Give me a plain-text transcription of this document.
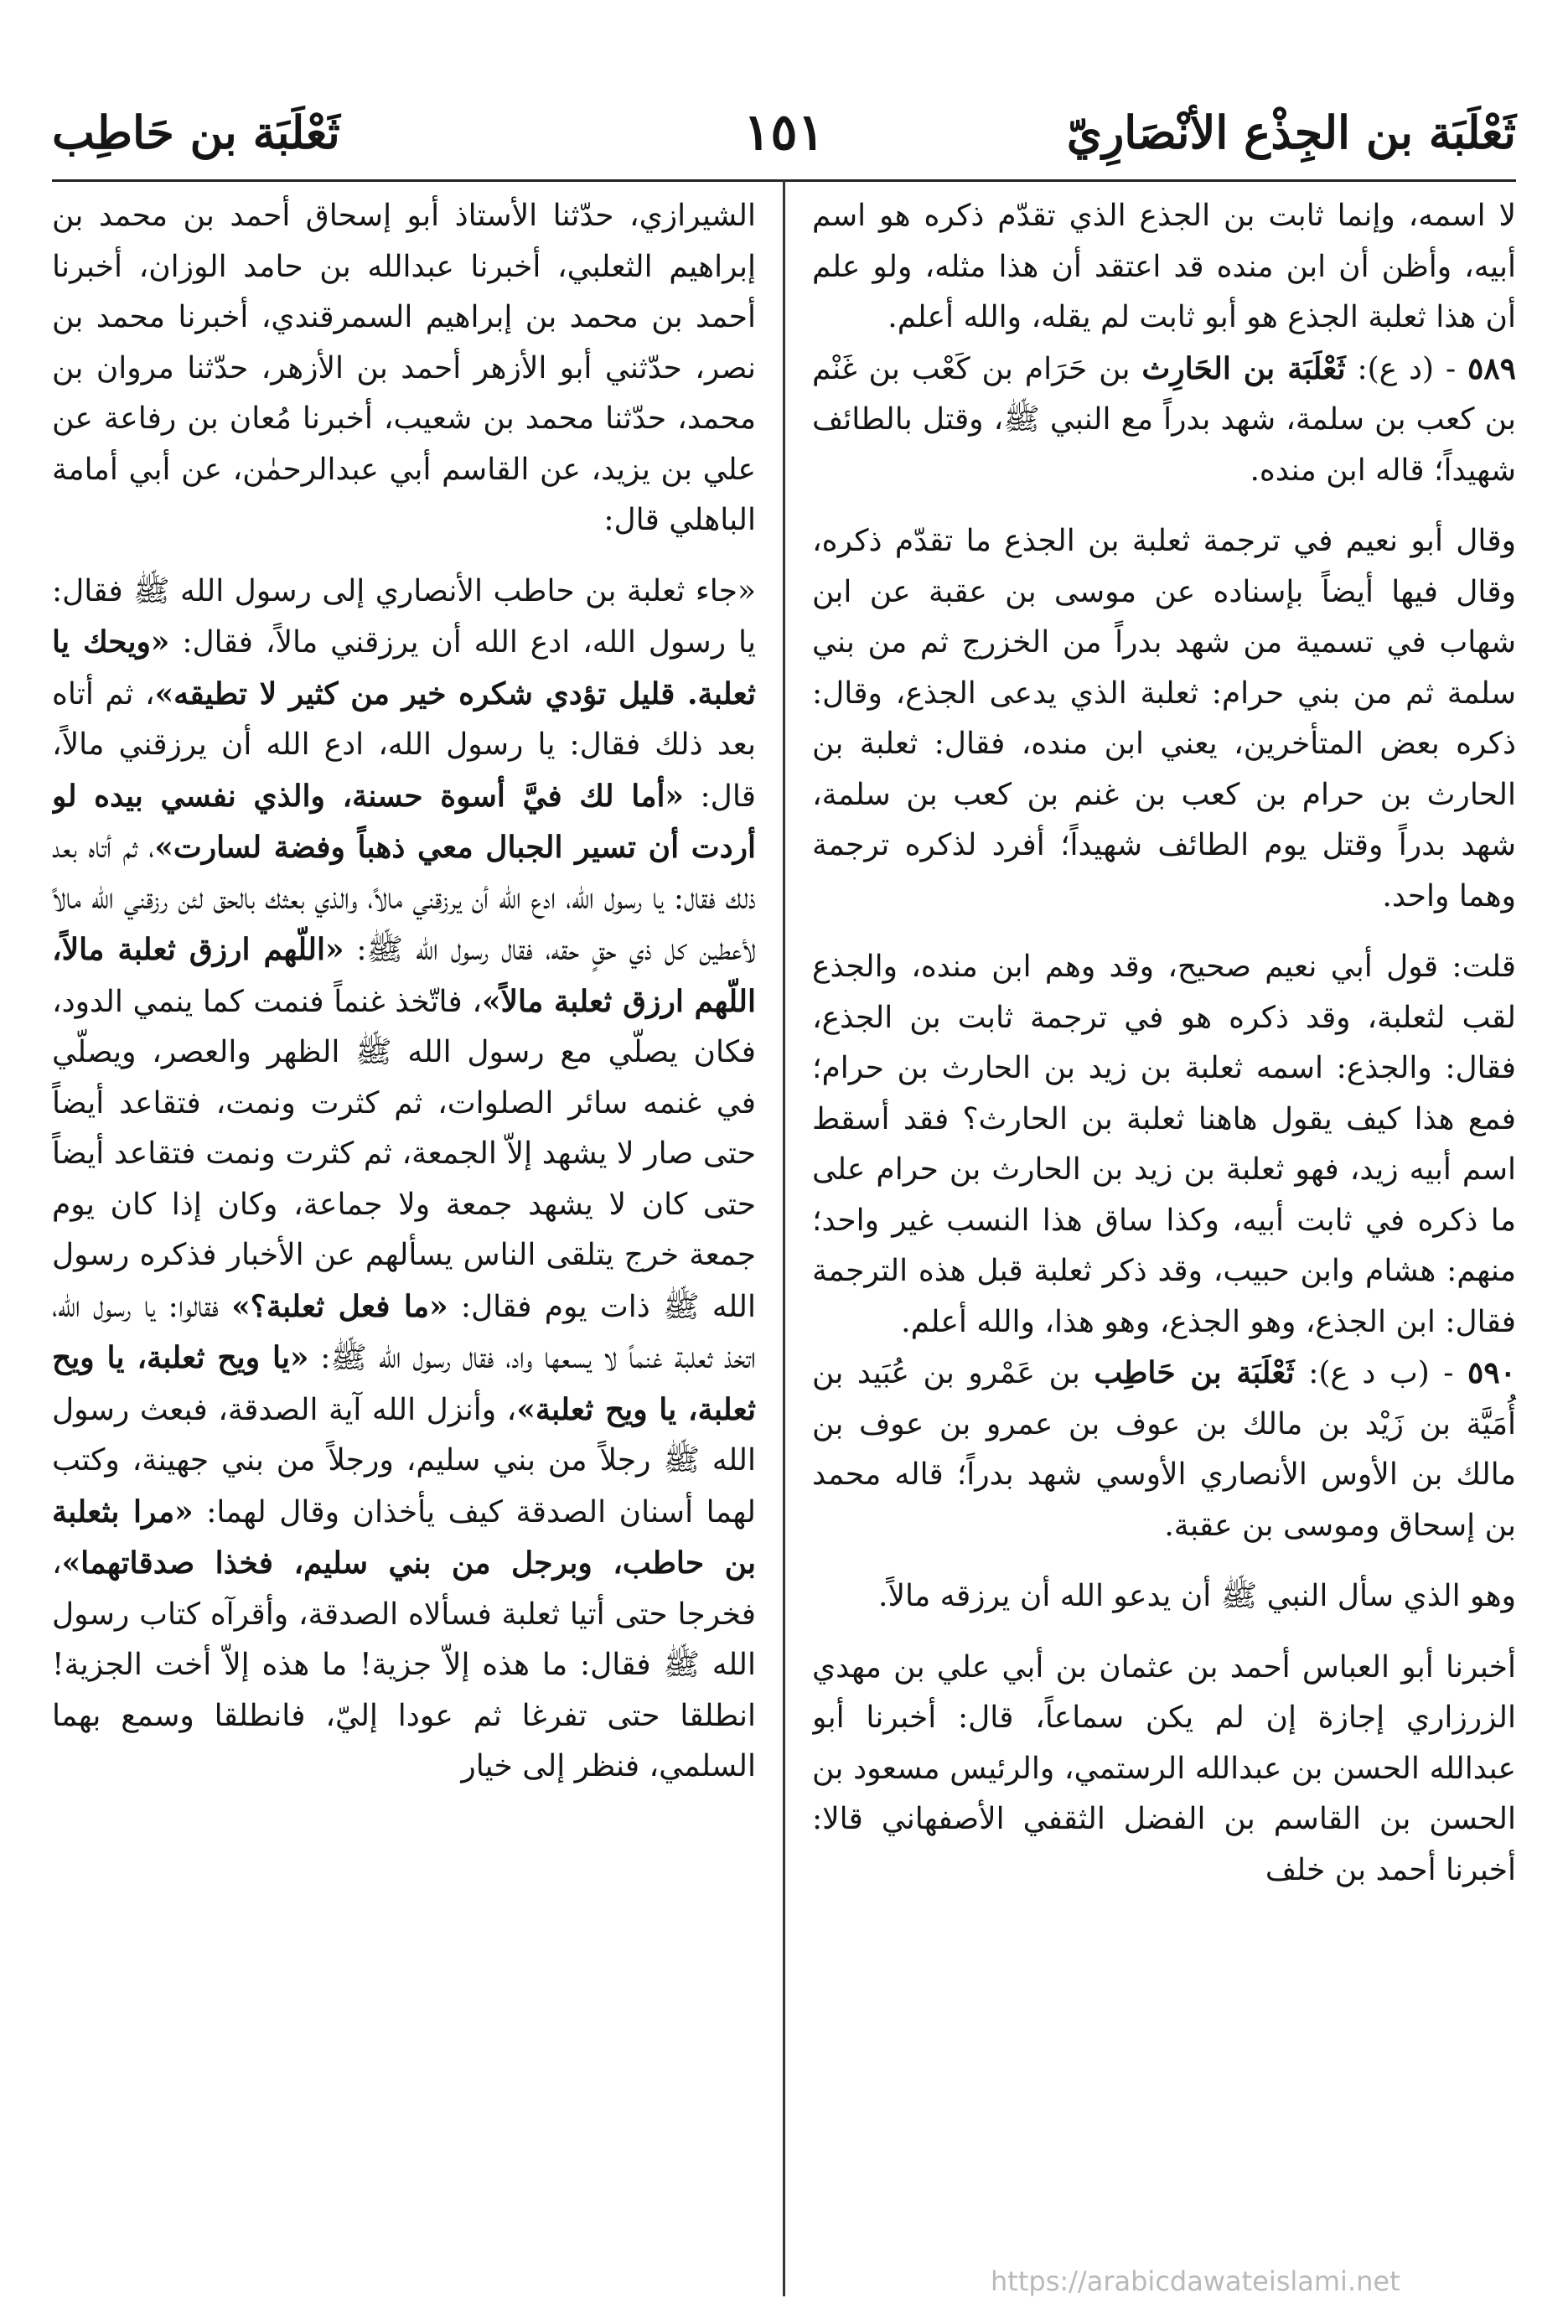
ثَعْلَبَة بن الجِذْع الأنْصَارِيّ
١٥١
ثَعْلَبَة بن حَاطِب

لا اسمه، وإنما ثابت بن الجذع الذي تقدّم ذكره هو اسم أبيه، وأظن أن ابن منده قد اعتقد أن هذا مثله، ولو علم أن هذا ثعلبة الجذع هو أبو ثابت لم يقله، والله أعلم.

٥٨٩ - (د ع): ثَعْلَبَة بن الحَارِث بن حَرَام بن كَعْب بن غَنْم بن كعب بن سلمة، شهد بدراً مع النبي ﷺ، وقتل بالطائف شهيداً؛ قاله ابن منده.

وقال أبو نعيم في ترجمة ثعلبة بن الجذع ما تقدّم ذكره، وقال فيها أيضاً بإسناده عن موسى بن عقبة عن ابن شهاب في تسمية من شهد بدراً من الخزرج ثم من بني سلمة ثم من بني حرام: ثعلبة الذي يدعى الجذع، وقال: ذكره بعض المتأخرين، يعني ابن منده، فقال: ثعلبة بن الحارث بن حرام بن كعب بن غنم بن كعب بن سلمة، شهد بدراً وقتل يوم الطائف شهيداً؛ أفرد لذكره ترجمة وهما واحد.

قلت: قول أبي نعيم صحيح، وقد وهم ابن منده، والجذع لقب لثعلبة، وقد ذكره هو في ترجمة ثابت بن الجذع، فقال: والجذع: اسمه ثعلبة بن زيد بن الحارث بن حرام؛ فمع هذا كيف يقول هاهنا ثعلبة بن الحارث؟ فقد أسقط اسم أبيه زيد، فهو ثعلبة بن زيد بن الحارث بن حرام على ما ذكره في ثابت أبيه، وكذا ساق هذا النسب غير واحد؛ منهم: هشام وابن حبيب، وقد ذكر ثعلبة قبل هذه الترجمة فقال: ابن الجذع، وهو الجذع، وهو هذا، والله أعلم.

٥٩٠ - (ب د ع): ثَعْلَبَة بن حَاطِب بن عَمْرو بن عُبَيد بن أُمَيَّة بن زَيْد بن مالك بن عوف بن عمرو بن عوف بن مالك بن الأوس الأنصاري الأوسي شهد بدراً؛ قاله محمد بن إسحاق وموسى بن عقبة.

وهو الذي سأل النبي ﷺ أن يدعو الله أن يرزقه مالاً.

أخبرنا أبو العباس أحمد بن عثمان بن أبي علي بن مهدي الزرزاري إجازة إن لم يكن سماعاً، قال: أخبرنا أبو عبدالله الحسن بن عبدالله الرستمي، والرئيس مسعود بن الحسن بن القاسم بن الفضل الثقفي الأصفهاني قالا: أخبرنا أحمد بن خلف

الشيرازي، حدّثنا الأستاذ أبو إسحاق أحمد بن محمد بن إبراهيم الثعلبي، أخبرنا عبدالله بن حامد الوزان، أخبرنا أحمد بن محمد بن إبراهيم السمرقندي، أخبرنا محمد بن نصر، حدّثني أبو الأزهر أحمد بن الأزهر، حدّثنا مروان بن محمد، حدّثنا محمد بن شعيب، أخبرنا مُعان بن رفاعة عن علي بن يزيد، عن القاسم أبي عبدالرحمٰن، عن أبي أمامة الباهلي قال:

«جاء ثعلبة بن حاطب الأنصاري إلى رسول الله ﷺ فقال: يا رسول الله، ادع الله أن يرزقني مالاً، فقال: «ويحك يا ثعلبة. قليل تؤدي شكره خير من كثير لا تطيقه»، ثم أتاه بعد ذلك فقال: يا رسول الله، ادع الله أن يرزقني مالاً، قال: «أما لك فيَّ أسوة حسنة، والذي نفسي بيده لو أردت أن تسير الجبال معي ذهباً وفضة لسارت»، ثم أتاه بعد ذلك فقال: يا رسول الله، ادع الله أن يرزقني مالاً، والذي بعثك بالحق لئن رزقني الله مالاً لأعطين كل ذي حقٍ حقه، فقال رسول الله ﷺ: «اللّهم ارزق ثعلبة مالاً، اللّهم ارزق ثعلبة مالاً»، فاتّخذ غنماً فنمت كما ينمي الدود، فكان يصلّي مع رسول الله ﷺ الظهر والعصر، ويصلّي في غنمه سائر الصلوات، ثم كثرت ونمت، فتقاعد أيضاً حتى صار لا يشهد إلاّ الجمعة، ثم كثرت ونمت فتقاعد أيضاً حتى كان لا يشهد جمعة ولا جماعة، وكان إذا كان يوم جمعة خرج يتلقى الناس يسألهم عن الأخبار فذكره رسول الله ﷺ ذات يوم فقال: «ما فعل ثعلبة؟» فقالوا: يا رسول الله، اتخذ ثعلبة غنماً لا يسعها واد، فقال رسول الله ﷺ: «يا ويح ثعلبة، يا ويح ثعلبة، يا ويح ثعلبة»، وأنزل الله آية الصدقة، فبعث رسول الله ﷺ رجلاً من بني سليم، ورجلاً من بني جهينة، وكتب لهما أسنان الصدقة كيف يأخذان وقال لهما: «مرا بثعلبة بن حاطب، وبرجل من بني سليم، فخذا صدقاتهما»، فخرجا حتى أتيا ثعلبة فسألاه الصدقة، وأقرآه كتاب رسول الله ﷺ فقال: ما هذه إلاّ جزية! ما هذه إلاّ أخت الجزية! انطلقا حتى تفرغا ثم عودا إليّ، فانطلقا وسمع بهما السلمي، فنظر إلى خيار

https://arabicdawateislami.net
